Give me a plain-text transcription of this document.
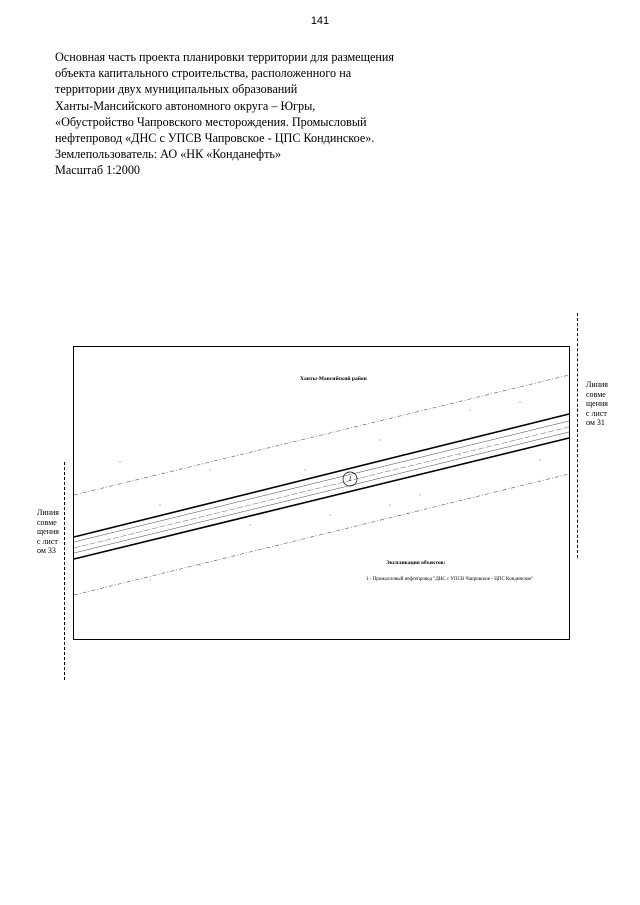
141
Основная часть проекта планировки территории для размещения
объекта капитального строительства, расположенного на
территории двух муниципальных образований
Ханты-Мансийского автономного округа – Югры,
«Обустройство Чапровского месторождения. Промысловый
нефтепровод «ДНС с УПСВ Чапровское - ЦПС Кондинское».
Землепользователь: АО «НК «Конданефть»
Масштаб 1:2000
1
Ханты-Мансийский район
Экспликация объектов:
1 - Промысловый нефтепровод "ДНС с УПСВ Чапровское - ЦПС Кондинское"
Линия совмещения с листом 31
Линия совмещения с листом 33
